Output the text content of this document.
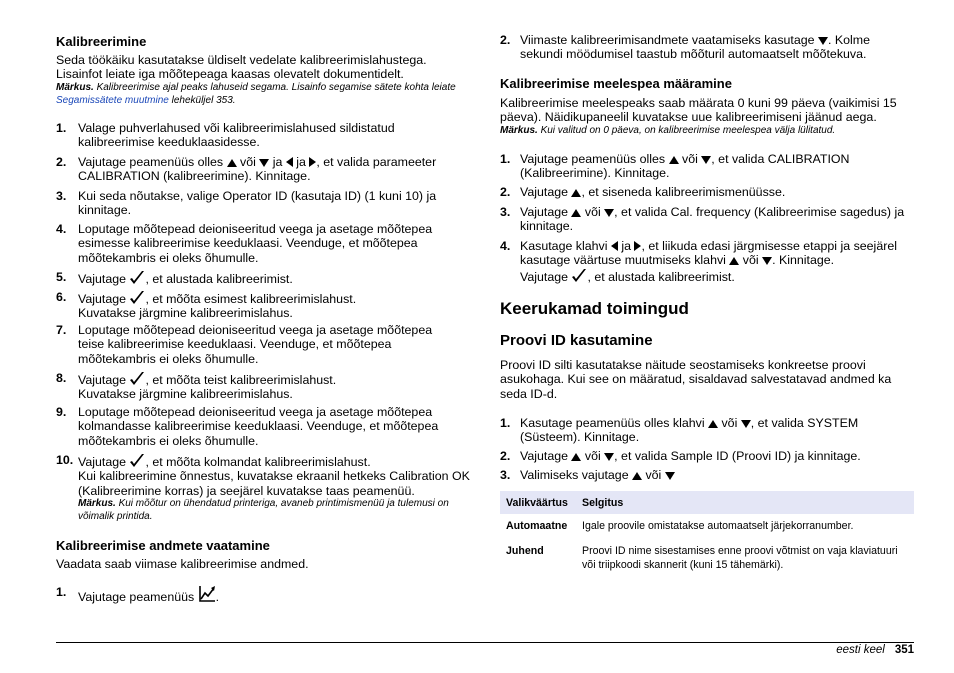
Kalibreerimine
Seda töökäiku kasutatakse üldiselt vedelate kalibreerimislahustega. Lisainfot leiate iga mõõtepeaga kaasas olevatelt dokumentidelt.
Märkus. Kalibreerimise ajal peaks lahuseid segama. Lisainfo segamise sätete kohta leiate Segamissätete muutmine leheküljel 353.
1. Valage puhverlahused või kalibreerimislahused sildistatud kalibreerimise keeduklaasidesse.
2. Vajutage peamenüüs olles  või  ja  ja , et valida parameeter CALIBRATION (kalibreerimine). Kinnitage.
3. Kui seda nõutakse, valige Operator ID (kasutaja ID) (1 kuni 10) ja kinnitage.
4. Loputage mõõtepead deioniseeritud veega ja asetage mõõtepea esimesse kalibreerimise keeduklaasi. Veenduge, et mõõtepea mõõtekambris ei oleks õhumulle.
5. Vajutage , et alustada kalibreerimist.
6. Vajutage , et mõõta esimest kalibreerimislahust.
Kuvatakse järgmine kalibreerimislahus.
7. Loputage mõõtepead deioniseeritud veega ja asetage mõõtepea teise kalibreerimise keeduklaasi. Veenduge, et mõõtepea mõõtekambris ei oleks õhumulle.
8. Vajutage , et mõõta teist kalibreerimislahust.
Kuvatakse järgmine kalibreerimislahus.
9. Loputage mõõtepead deioniseeritud veega ja asetage mõõtepea kolmandasse kalibreerimise keeduklaasi. Veenduge, et mõõtepea mõõtekambris ei oleks õhumulle.
10. Vajutage , et mõõta kolmandat kalibreerimislahust.
Kui kalibreerimine õnnestus, kuvatakse ekraanil hetkeks Calibration OK (Kalibreerimine korras) ja seejärel kuvatakse taas peamenüü.
Märkus. Kui mõõtur on ühendatud printeriga, avaneb printimismenüü ja tulemusi on võimalik printida.
Kalibreerimise andmete vaatamine
Vaadata saab viimase kalibreerimise andmed.
1. Vajutage peamenüüs .
2. Viimaste kalibreerimisandmete vaatamiseks kasutage . Kolme sekundi möödumisel taastub mõõturil automaatselt mõõtekuva.
Kalibreerimise meelespea määramine
Kalibreerimise meelespeaks saab määrata 0 kuni 99 päeva (vaikimisi 15 päeva). Näidikupaneelil kuvatakse uue kalibreerimiseni jäänud aega.
Märkus. Kui valitud on 0 päeva, on kalibreerimise meelespea välja lülitatud.
1. Vajutage peamenüüs olles  või , et valida CALIBRATION (Kalibreerimine). Kinnitage.
2. Vajutage , et siseneda kalibreerimismenüüsse.
3. Vajutage  või , et valida Cal. frequency (Kalibreerimise sagedus) ja kinnitage.
4. Kasutage klahvi  ja , et liikuda edasi järgmisesse etappi ja seejärel kasutage väärtuse muutmiseks klahvi  või . Kinnitage.
Vajutage , et alustada kalibreerimist.
Keerukamad toimingud
Proovi ID kasutamine
Proovi ID silti kasutatakse näitude seostamiseks konkreetse proovi asukohaga. Kui see on määratud, sisaldavad salvestatavad andmed ka seda ID-d.
1. Kasutage peamenüüs olles klahvi  või , et valida SYSTEM (Süsteem). Kinnitage.
2. Vajutage  või , et valida Sample ID (Proovi ID) ja kinnitage.
3. Valimiseks vajutage  või
Valikväärtus	Selgitus
Automaatne	Igale proovile omistatakse automaatselt järjekorranumber.
Juhend	Proovi ID nime sisestamises enne proovi võtmist on vaja klaviatuuri või triipkoodi skannerit (kuni 15 tähemärki).
eesti keel 351
